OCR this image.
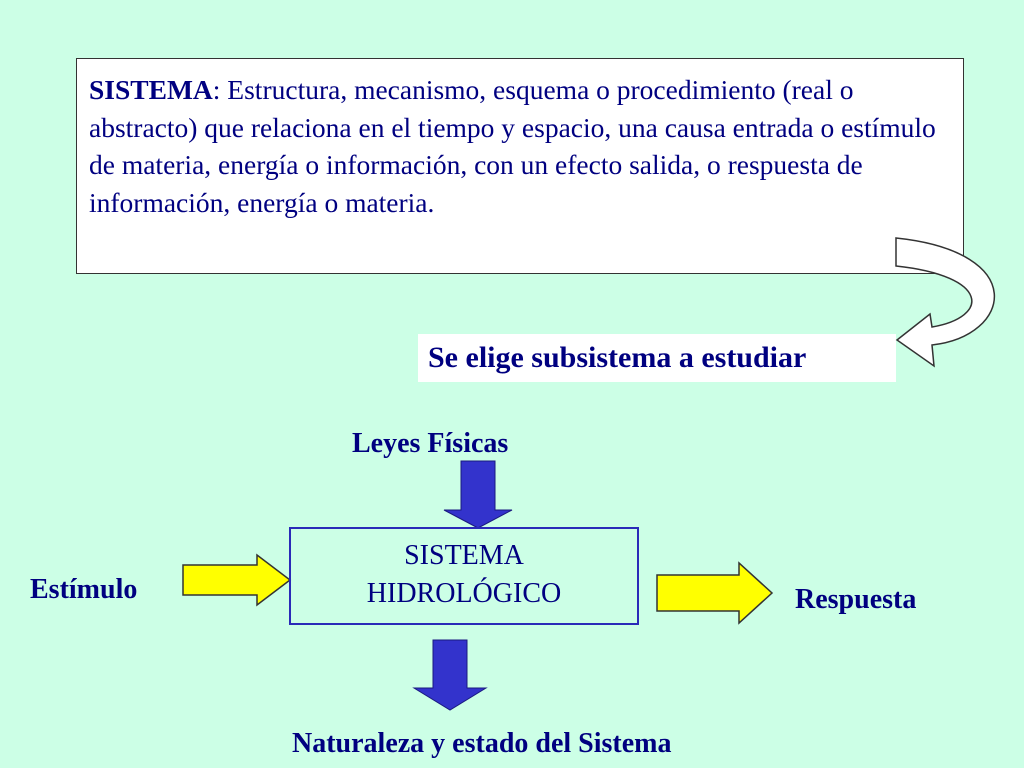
SISTEMA: Estructura, mecanismo, esquema o procedimiento (real o abstracto) que relaciona en el tiempo y espacio, una causa entrada o estímulo de materia, energía o información, con un efecto salida, o respuesta de información, energía o materia.
Se elige subsistema a estudiar
Leyes Físicas
SISTEMA
HIDROLÓGICO
Estímulo	Respuesta
Naturaleza y estado del Sistema
